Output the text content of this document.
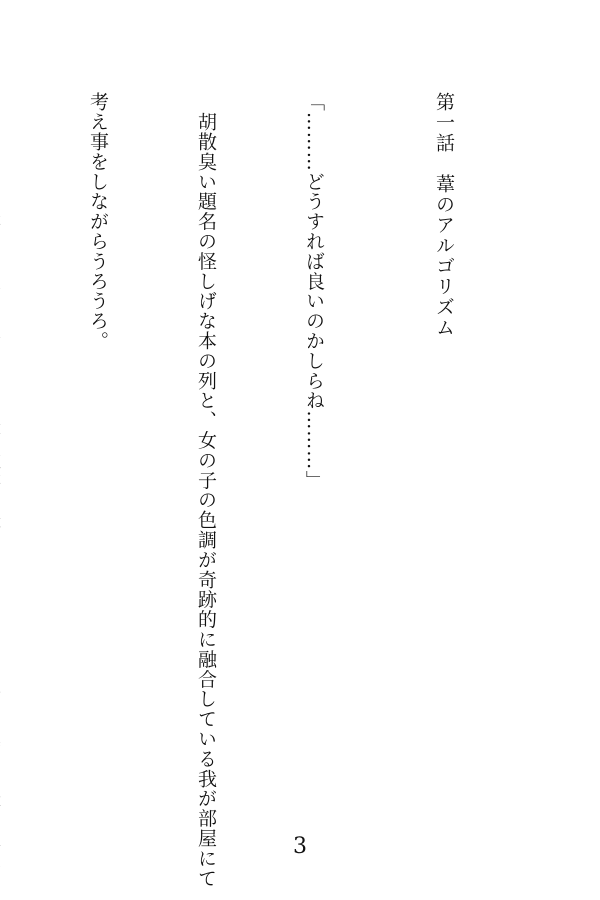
第一話　葦のアルゴリズム

「………どうすれば良いのかしらね………」

　胡散臭い題名の怪しげな本の列と、女の子の色調が奇跡的に融合している我が部屋にて

考え事をしながらうろうろ。

3
